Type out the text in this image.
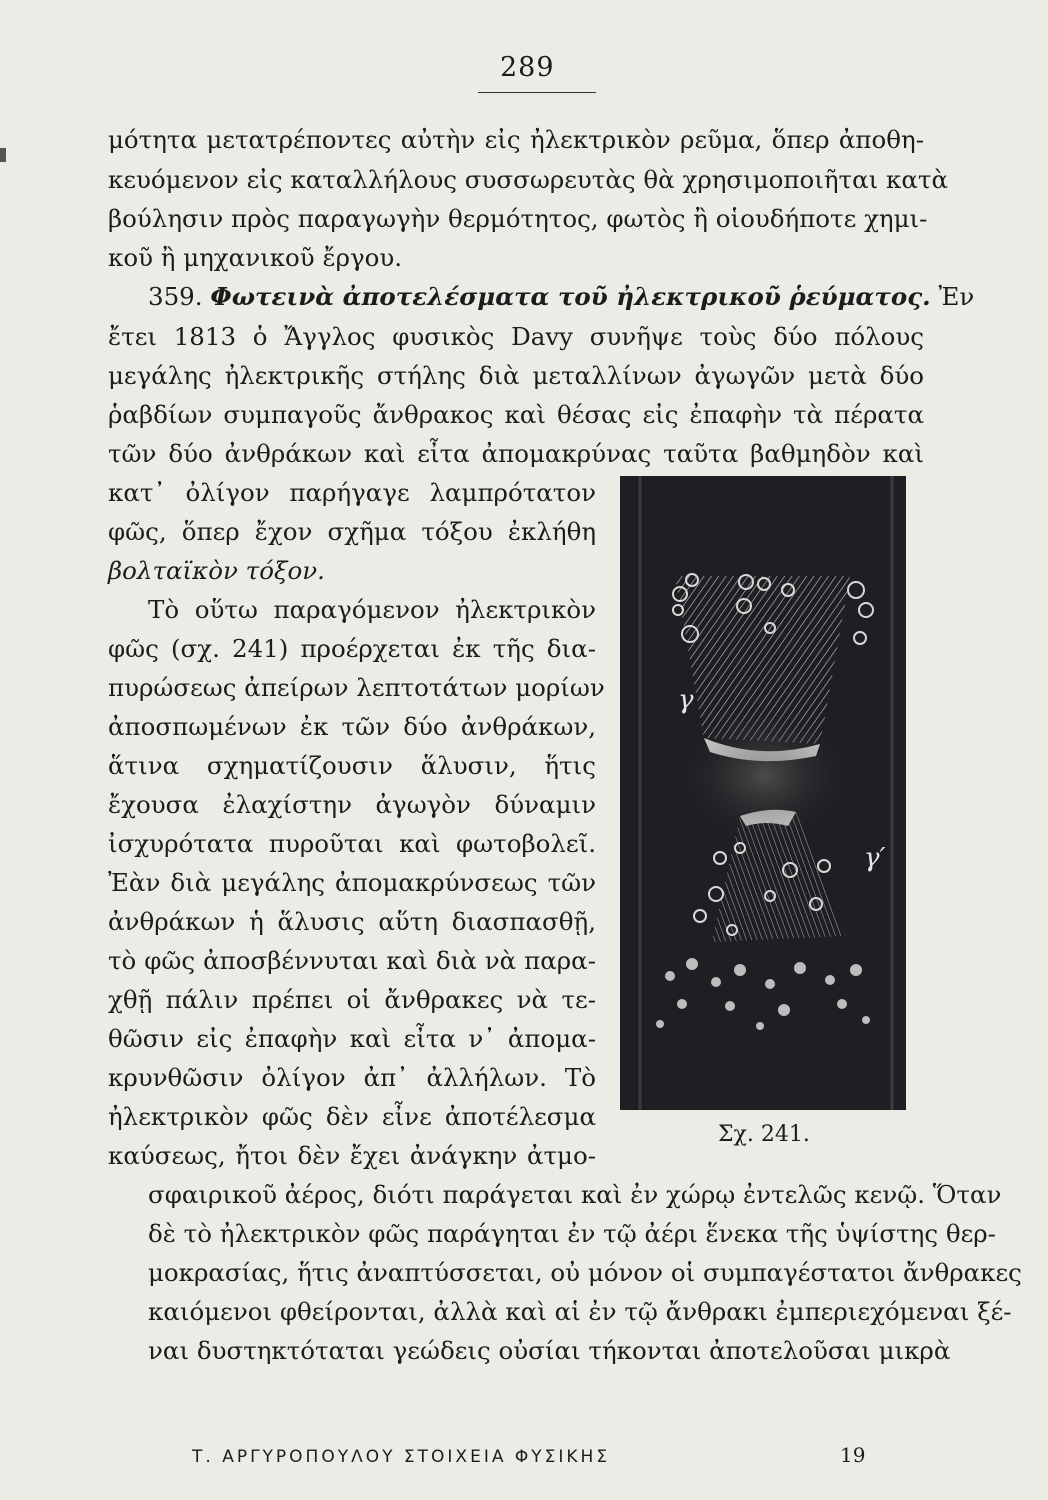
289
μότητα μετατρέποντες αὐτὴν εἰς ἠλεκτρικὸν ρεῦμα, ὅπερ ἀποθη-
κευόμενον εἰς καταλλήλους συσσωρευτὰς θὰ χρησιμοποιῆται κατὰ
βούλησιν πρὸς παραγωγὴν θερμότητος, φωτὸς ἢ οἱουδήποτε χημι-
κοῦ ἢ μηχανικοῦ ἔργου.
359. Φωτεινὰ ἀποτελέσματα τοῦ ἠλεκτρικοῦ ῥεύματος. Ἐν
ἔτει 1813 ὁ Ἄγγλος φυσικὸς Davy συνῆψε τοὺς δύο πόλους
μεγάλης ἠλεκτρικῆς στήλης διὰ μεταλλίνων ἀγωγῶν μετὰ δύο
ῥαβδίων συμπαγοῦς ἄνθρακος καὶ θέσας εἰς ἐπαφὴν τὰ πέρατα
τῶν δύο ἀνθράκων καὶ εἶτα ἀπομακρύνας ταῦτα βαθμηδὸν καὶ
κατ᾽ ὀλίγον παρήγαγε λαμπρότατον
φῶς, ὅπερ ἔχον σχῆμα τόξου ἐκλήθη
βολταϊκὸν τόξον.
Τὸ οὕτω παραγόμενον ἠλεκτρικὸν
φῶς (σχ. 241) προέρχεται ἐκ τῆς δια-
πυρώσεως ἀπείρων λεπτοτάτων μορίων
ἀποσπωμένων ἐκ τῶν δύο ἀνθράκων,
ἅτινα σχηματίζουσιν ἅλυσιν, ἥτις
ἔχουσα ἐλαχίστην ἀγωγὸν δύναμιν
ἰσχυρότατα πυροῦται καὶ φωτοβολεῖ.
Ἐὰν διὰ μεγάλης ἀπομακρύνσεως τῶν
ἀνθράκων ἡ ἅλυσις αὕτη διασπασθῇ,
τὸ φῶς ἀποσβέννυται καὶ διὰ νὰ παρα-
χθῇ πάλιν πρέπει οἱ ἄνθρακες νὰ τε-
θῶσιν εἰς ἐπαφὴν καὶ εἶτα ν᾽ ἀπομα-
κρυνθῶσιν ὀλίγον ἀπ᾽ ἀλλήλων. Τὸ
ἠλεκτρικὸν φῶς δὲν εἶνε ἀποτέλεσμα
καύσεως, ἤτοι δὲν ἔχει ἀνάγκην ἀτμο-
γ
γ′
Σχ. 241.
σφαιρικοῦ ἀέρος, διότι παράγεται καὶ ἐν χώρῳ ἐντελῶς κενῷ. Ὅταν
δὲ τὸ ἠλεκτρικὸν φῶς παράγηται ἐν τῷ ἀέρι ἕνεκα τῆς ὑψίστης θερ-
μοκρασίας, ἥτις ἀναπτύσσεται, οὐ μόνον οἱ συμπαγέστατοι ἄνθρακες
καιόμενοι φθείρονται, ἀλλὰ καὶ αἱ ἐν τῷ ἄνθρακι ἐμπεριεχόμεναι ξέ-
ναι δυστηκτόταται γεώδεις οὐσίαι τήκονται ἀποτελοῦσαι μικρὰ
Τ. ΑΡΓΥΡΟΠΟΥΛΟΥ ΣΤΟΙΧΕΙΑ ΦΥΣΙΚΗΣ	19
